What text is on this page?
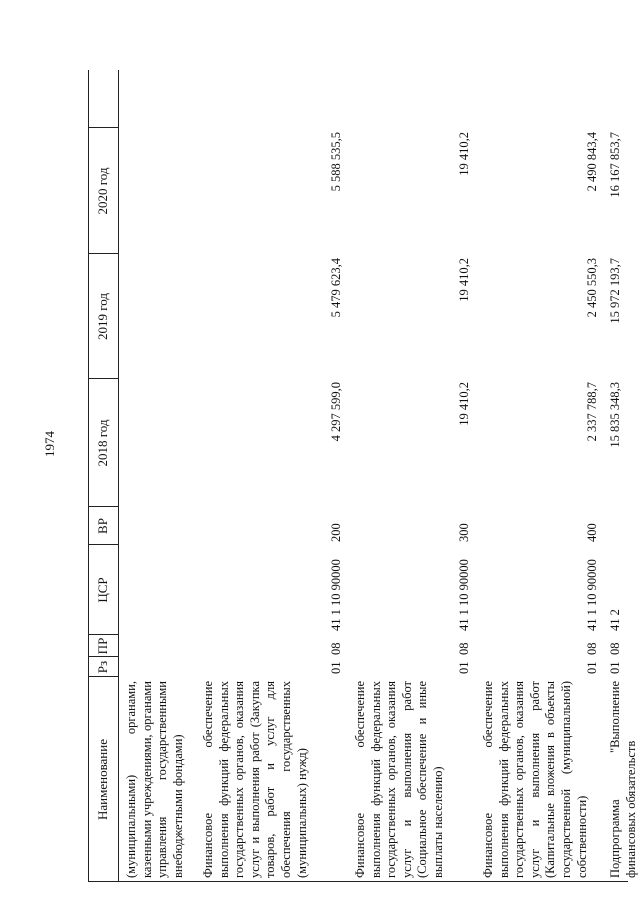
1974
Наименование
Рз
ПР
ЦСР
ВР
2018 год
2019 год
2020 год
(муниципальными) органами, казенными учреждениями, органами управления государственными внебюджетными фондами)	Финансовое обеспечение выполнения функций федеральных государственных органов, оказания услуг и выполнения работ (Закупка товаров, работ и услуг для обеспечения государственных (муниципальных) нужд)
01
08
41 1 10 90000
200
4 297 599,0
5 479 623,4
5 588 535,5
Финансовое обеспечение выполнения функций федеральных государственных органов, оказания услуг и выполнения работ (Социальное обеспечение и иные выплаты населению)
01
08
41 1 10 90000
300
19 410,2
19 410,2
19 410,2
Финансовое обеспечение выполнения функций федеральных государственных органов, оказания услуг и выполнения работ (Капитальные вложения в объекты государственной (муниципальной) собственности)
01
08
41 1 10 90000
400
2 337 788,7
2 450 550,3
2 490 843,4
Подпрограмма "Выполнение финансовых обязательств
01
08
41 2
15 835 348,3
15 972 193,7
16 167 853,7
